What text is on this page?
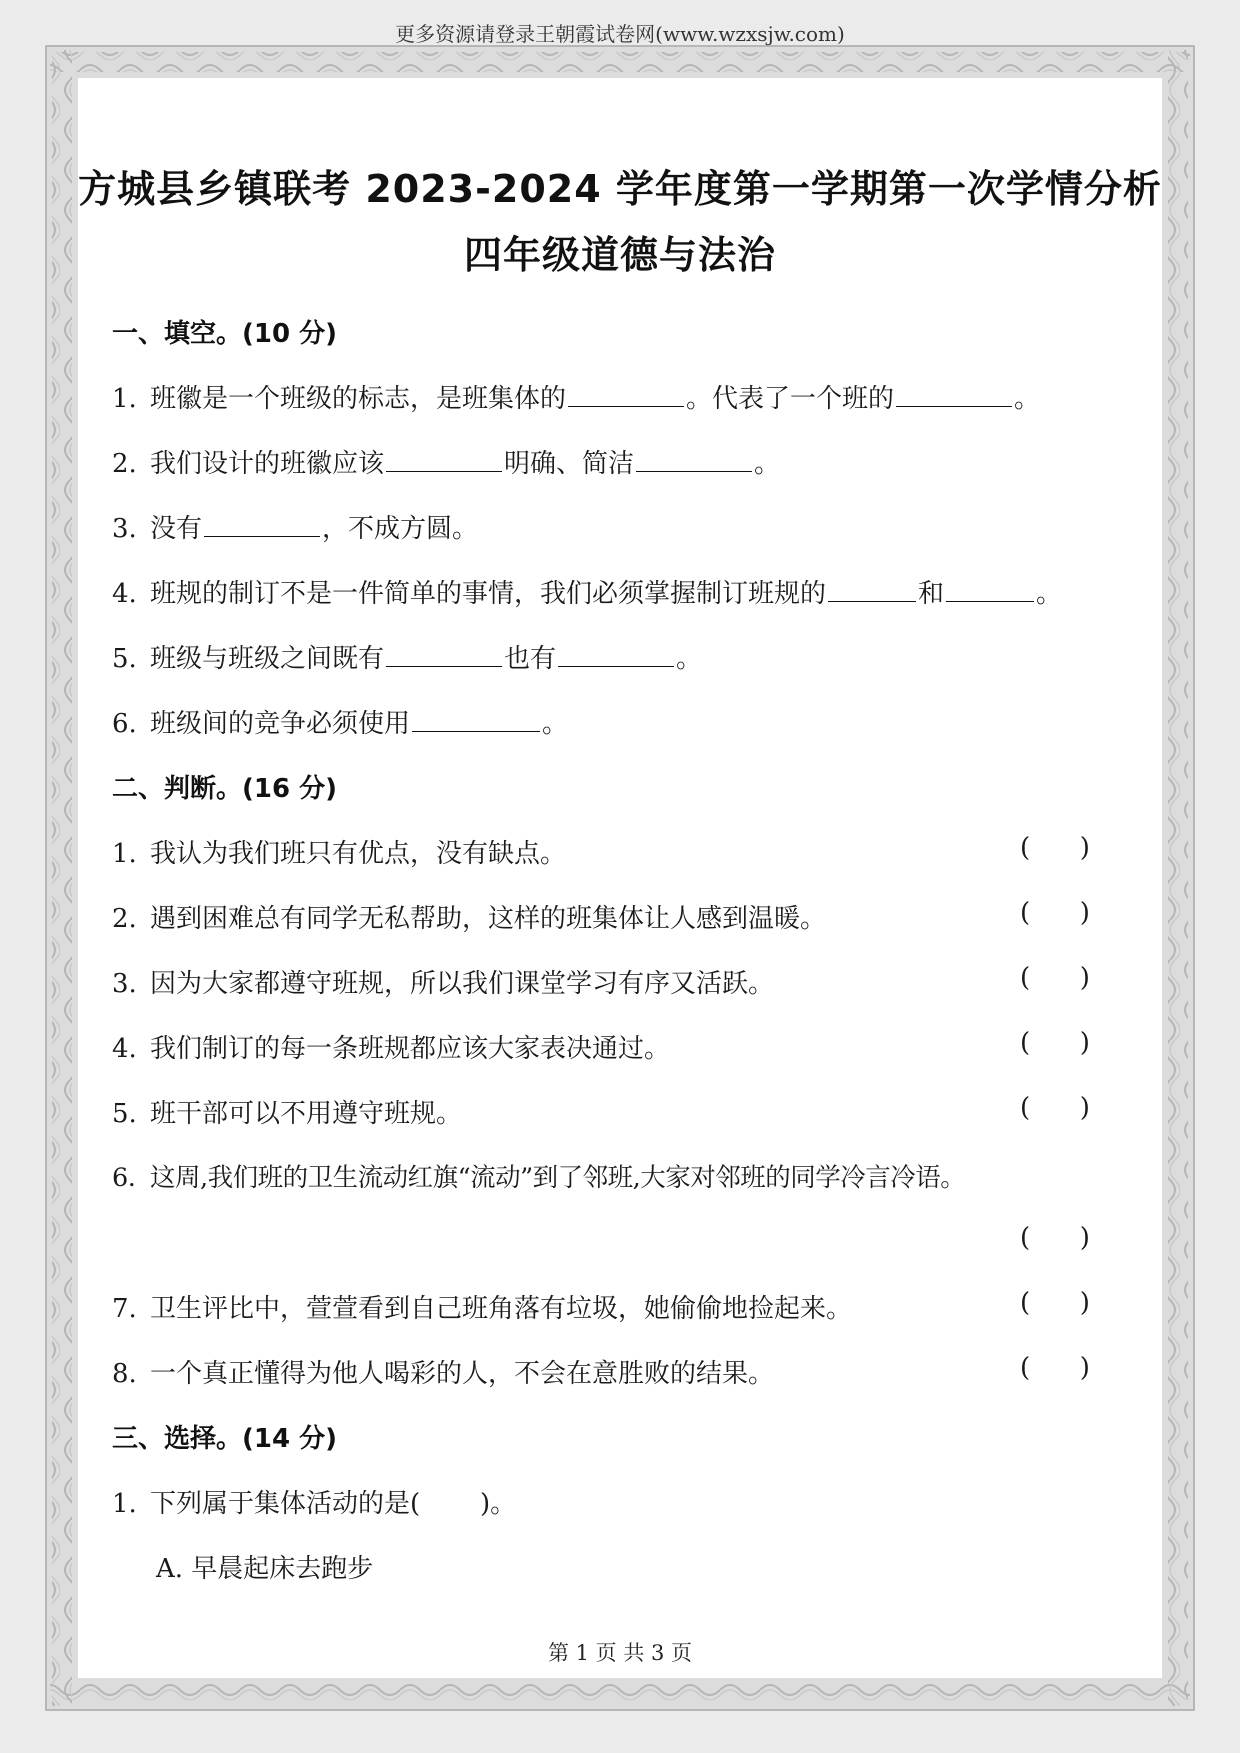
更多资源请登录王朝霞试卷网(www.wzxsjw.com)
方城县乡镇联考 2023-2024 学年度第一学期第一次学情分析
四年级道德与法治
一、填空。(10 分)
1. 班徽是一个班级的标志，是班集体的	。代表了一个班的	。
2. 我们设计的班徽应该	明确、简洁	。
3. 没有	，不成方圆。
4. 班规的制订不是一件简单的事情，我们必须掌握制订班规的	和	。
5. 班级与班级之间既有	也有	。
6. 班级间的竞争必须使用	。
二、判断。(16 分)
1. 我认为我们班只有优点，没有缺点。	(      )
2. 遇到困难总有同学无私帮助，这样的班集体让人感到温暖。	(      )
3. 因为大家都遵守班规，所以我们课堂学习有序又活跃。	(      )
4. 我们制订的每一条班规都应该大家表决通过。	(      )
5. 班干部可以不用遵守班规。	(      )
6. 这周,我们班的卫生流动红旗“流动”到了邻班,大家对邻班的同学冷言冷语。
(      )
7. 卫生评比中，萱萱看到自己班角落有垃圾，她偷偷地捡起来。	(      )
8. 一个真正懂得为他人喝彩的人，不会在意胜败的结果。	(      )
三、选择。(14 分)
1. 下列属于集体活动的是( )。
A. 早晨起床去跑步
第 1 页 共 3 页
